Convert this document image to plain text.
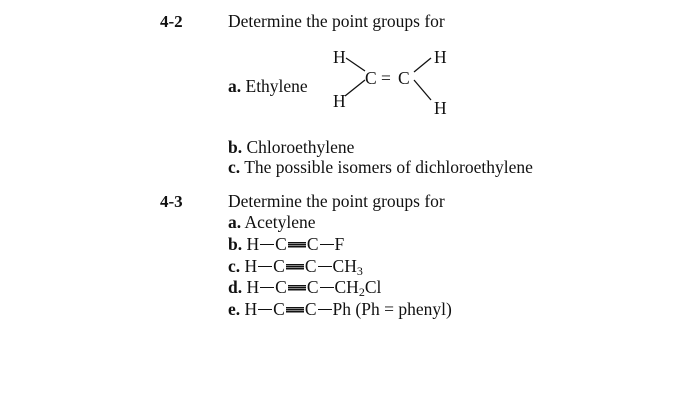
4-2	Determine the point groups for
a. Ethylene
H	H
H	H
C = C
b. Chloroethylene
c. The possible isomers of dichloroethylene
4-3	Determine the point groups for
a. Acetylene
b. H C C F
c. H C C $CH_3$
d. H C C $CH_2Cl$
e. H C C Ph (Ph = phenyl)
